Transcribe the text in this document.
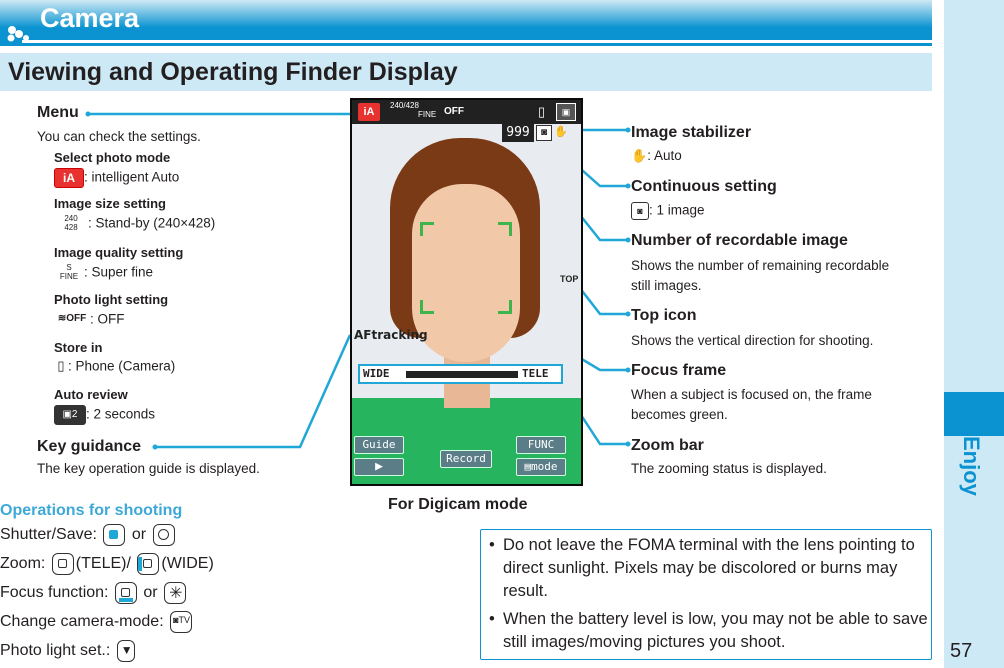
Camera
Viewing and Operating Finder Display
Enjoy
57
Menu
You can check the settings.
Select photo mode
iA : intelligent Auto
Image size setting
240
428 : Stand-by (240×428)
Image quality setting
S
FINE : Super fine
Photo light setting
≋OFF : OFF
Store in
▯ : Phone (Camera)
Auto review
▣2 : 2 seconds
Key guidance
The key operation guide is displayed.
iA
240/428
FINE OFF	▯	▣
999	◙ ✋
TOP
AFtracking
WIDE	TELE
Guide	FUNC
▶
Record
▤mode
For Digicam mode
Image stabilizer
✋: Auto
Continuous setting
◙ : 1 image
Number of recordable image
Shows the number of remaining recordable
still images.
Top icon
Shows the vertical direction for shooting.
Focus frame
When a subject is focused on, the frame
becomes green.
Zoom bar
The zooming status is displayed.
Operations for shooting
Shutter/Save: or
Zoom: (TELE)/ (WIDE)
Focus function: or ✳
Change camera-mode: ◙TV
Photo light set.: ▼
• Do not leave the FOMA terminal with the lens pointing to direct sunlight. Pixels may be discolored or burns may result.
• When the battery level is low, you may not be able to save still images/moving pictures you shoot.
